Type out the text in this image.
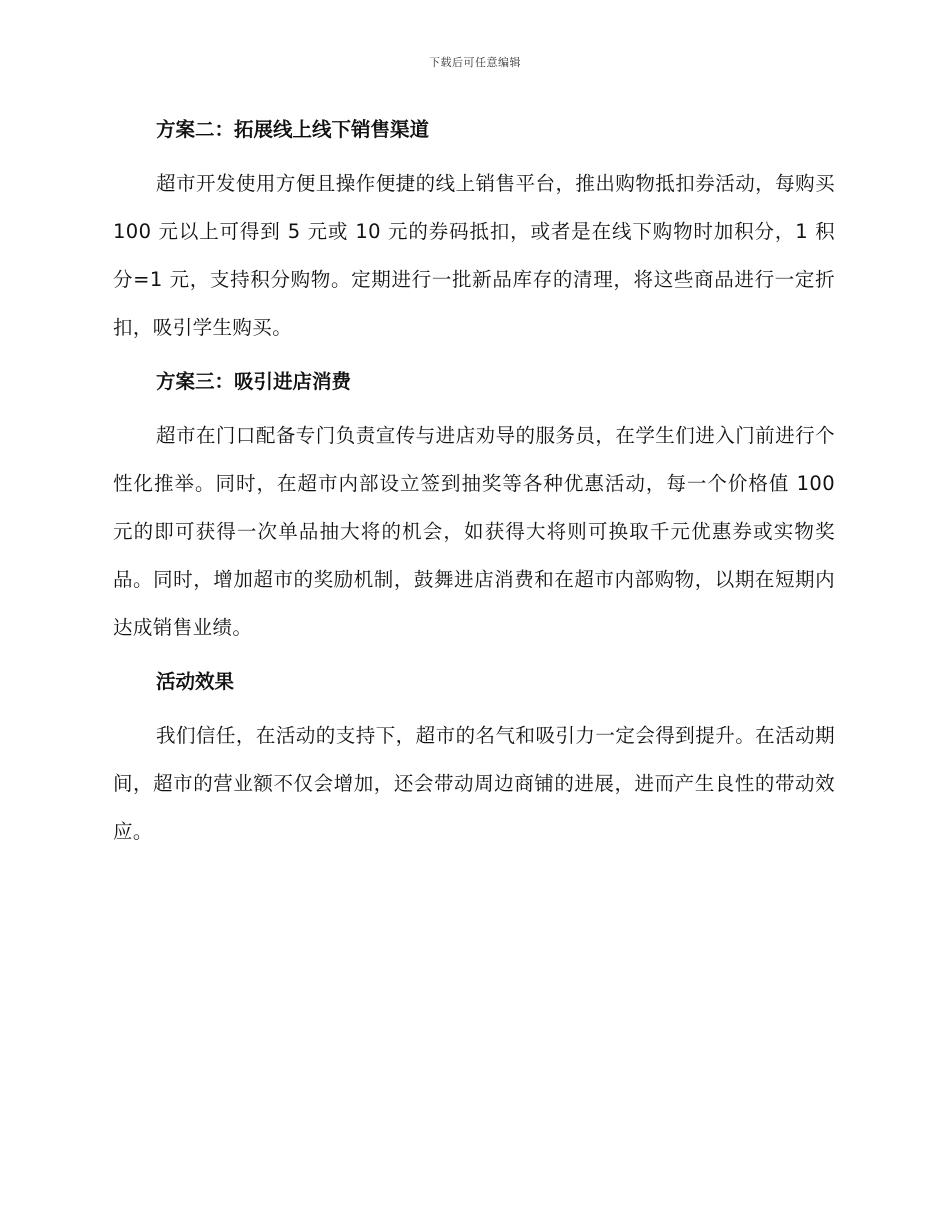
下载后可任意编辑
方案二：拓展线上线下销售渠道

超市开发使用方便且操作便捷的线上销售平台，推出购物抵扣券活动，每购买 100 元以上可得到 5 元或 10 元的券码抵扣，或者是在线下购物时加积分，1 积分=1 元，支持积分购物。定期进行一批新品库存的清理，将这些商品进行一定折扣，吸引学生购买。

方案三：吸引进店消费

超市在门口配备专门负责宣传与进店劝导的服务员，在学生们进入门前进行个性化推举。同时，在超市内部设立签到抽奖等各种优惠活动，每一个价格值 100 元的即可获得一次单品抽大将的机会，如获得大将则可换取千元优惠券或实物奖品。同时，增加超市的奖励机制，鼓舞进店消费和在超市内部购物，以期在短期内达成销售业绩。

活动效果

我们信任，在活动的支持下，超市的名气和吸引力一定会得到提升。在活动期间，超市的营业额不仅会增加，还会带动周边商铺的进展，进而产生良性的带动效应。
